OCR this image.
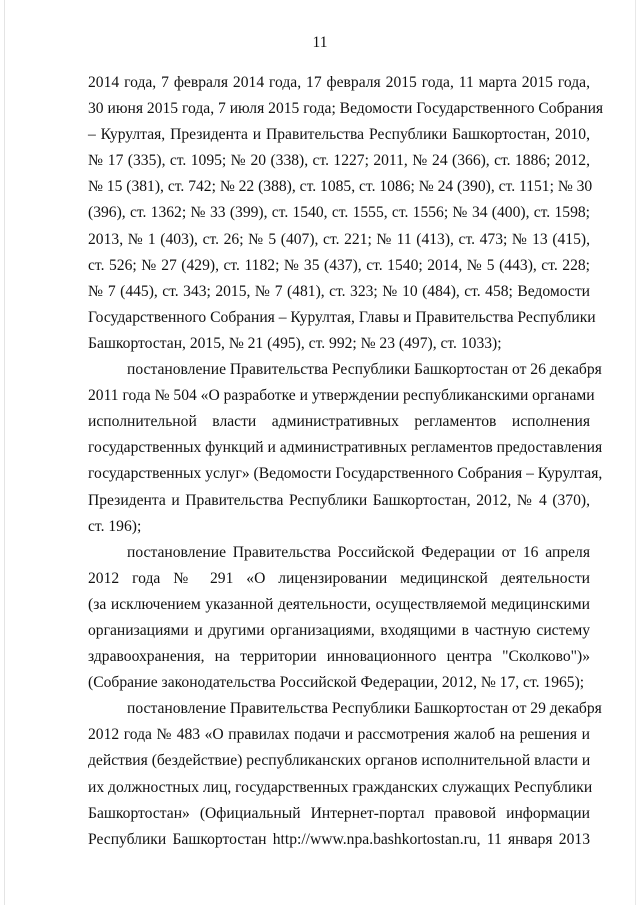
11
2014 года, 7 февраля 2014 года, 17 февраля 2015 года, 11 марта 2015 года,
30 июня 2015 года, 7 июля 2015 года; Ведомости Государственного Собрания
– Курултая, Президента и Правительства Республики Башкортостан, 2010,
№ 17 (335), ст. 1095; № 20 (338), ст. 1227; 2011, № 24 (366), ст. 1886; 2012,
№ 15 (381), ст. 742; № 22 (388), ст. 1085, ст. 1086; № 24 (390), ст. 1151; № 30
(396), ст. 1362; № 33 (399), ст. 1540, ст. 1555, ст. 1556; № 34 (400), ст. 1598;
2013, № 1 (403), ст. 26; № 5 (407), ст. 221; № 11 (413), ст. 473; № 13 (415),
ст. 526; № 27 (429), ст. 1182; № 35 (437), ст. 1540; 2014, № 5 (443), ст. 228;
№ 7 (445), ст. 343; 2015, № 7 (481), ст. 323; № 10 (484), ст. 458; Ведомости
Государственного Собрания – Курултая, Главы и Правительства Республики
Башкортостан, 2015, № 21 (495), ст. 992; № 23 (497), ст. 1033);
постановление Правительства Республики Башкортостан от 26 декабря
2011 года № 504 «О разработке и утверждении республиканскими органами
исполнительной власти административных регламентов исполнения
государственных функций и административных регламентов предоставления
государственных услуг» (Ведомости Государственного Собрания – Курултая,
Президента и Правительства Республики Башкортостан, 2012, № 4 (370),
ст. 196);
постановление Правительства Российской Федерации от 16 апреля
2012 года № 291 «О лицензировании медицинской деятельности
(за исключением указанной деятельности, осуществляемой медицинскими
организациями и другими организациями, входящими в частную систему
здравоохранения, на территории инновационного центра "Сколково")»
(Собрание законодательства Российской Федерации, 2012, № 17, ст. 1965);
постановление Правительства Республики Башкортостан от 29 декабря
2012 года № 483 «О правилах подачи и рассмотрения жалоб на решения и
действия (бездействие) республиканских органов исполнительной власти и
их должностных лиц, государственных гражданских служащих Республики
Башкортостан» (Официальный Интернет-портал правовой информации
Республики Башкортостан http://www.npa.bashkortostan.ru, 11 января 2013
